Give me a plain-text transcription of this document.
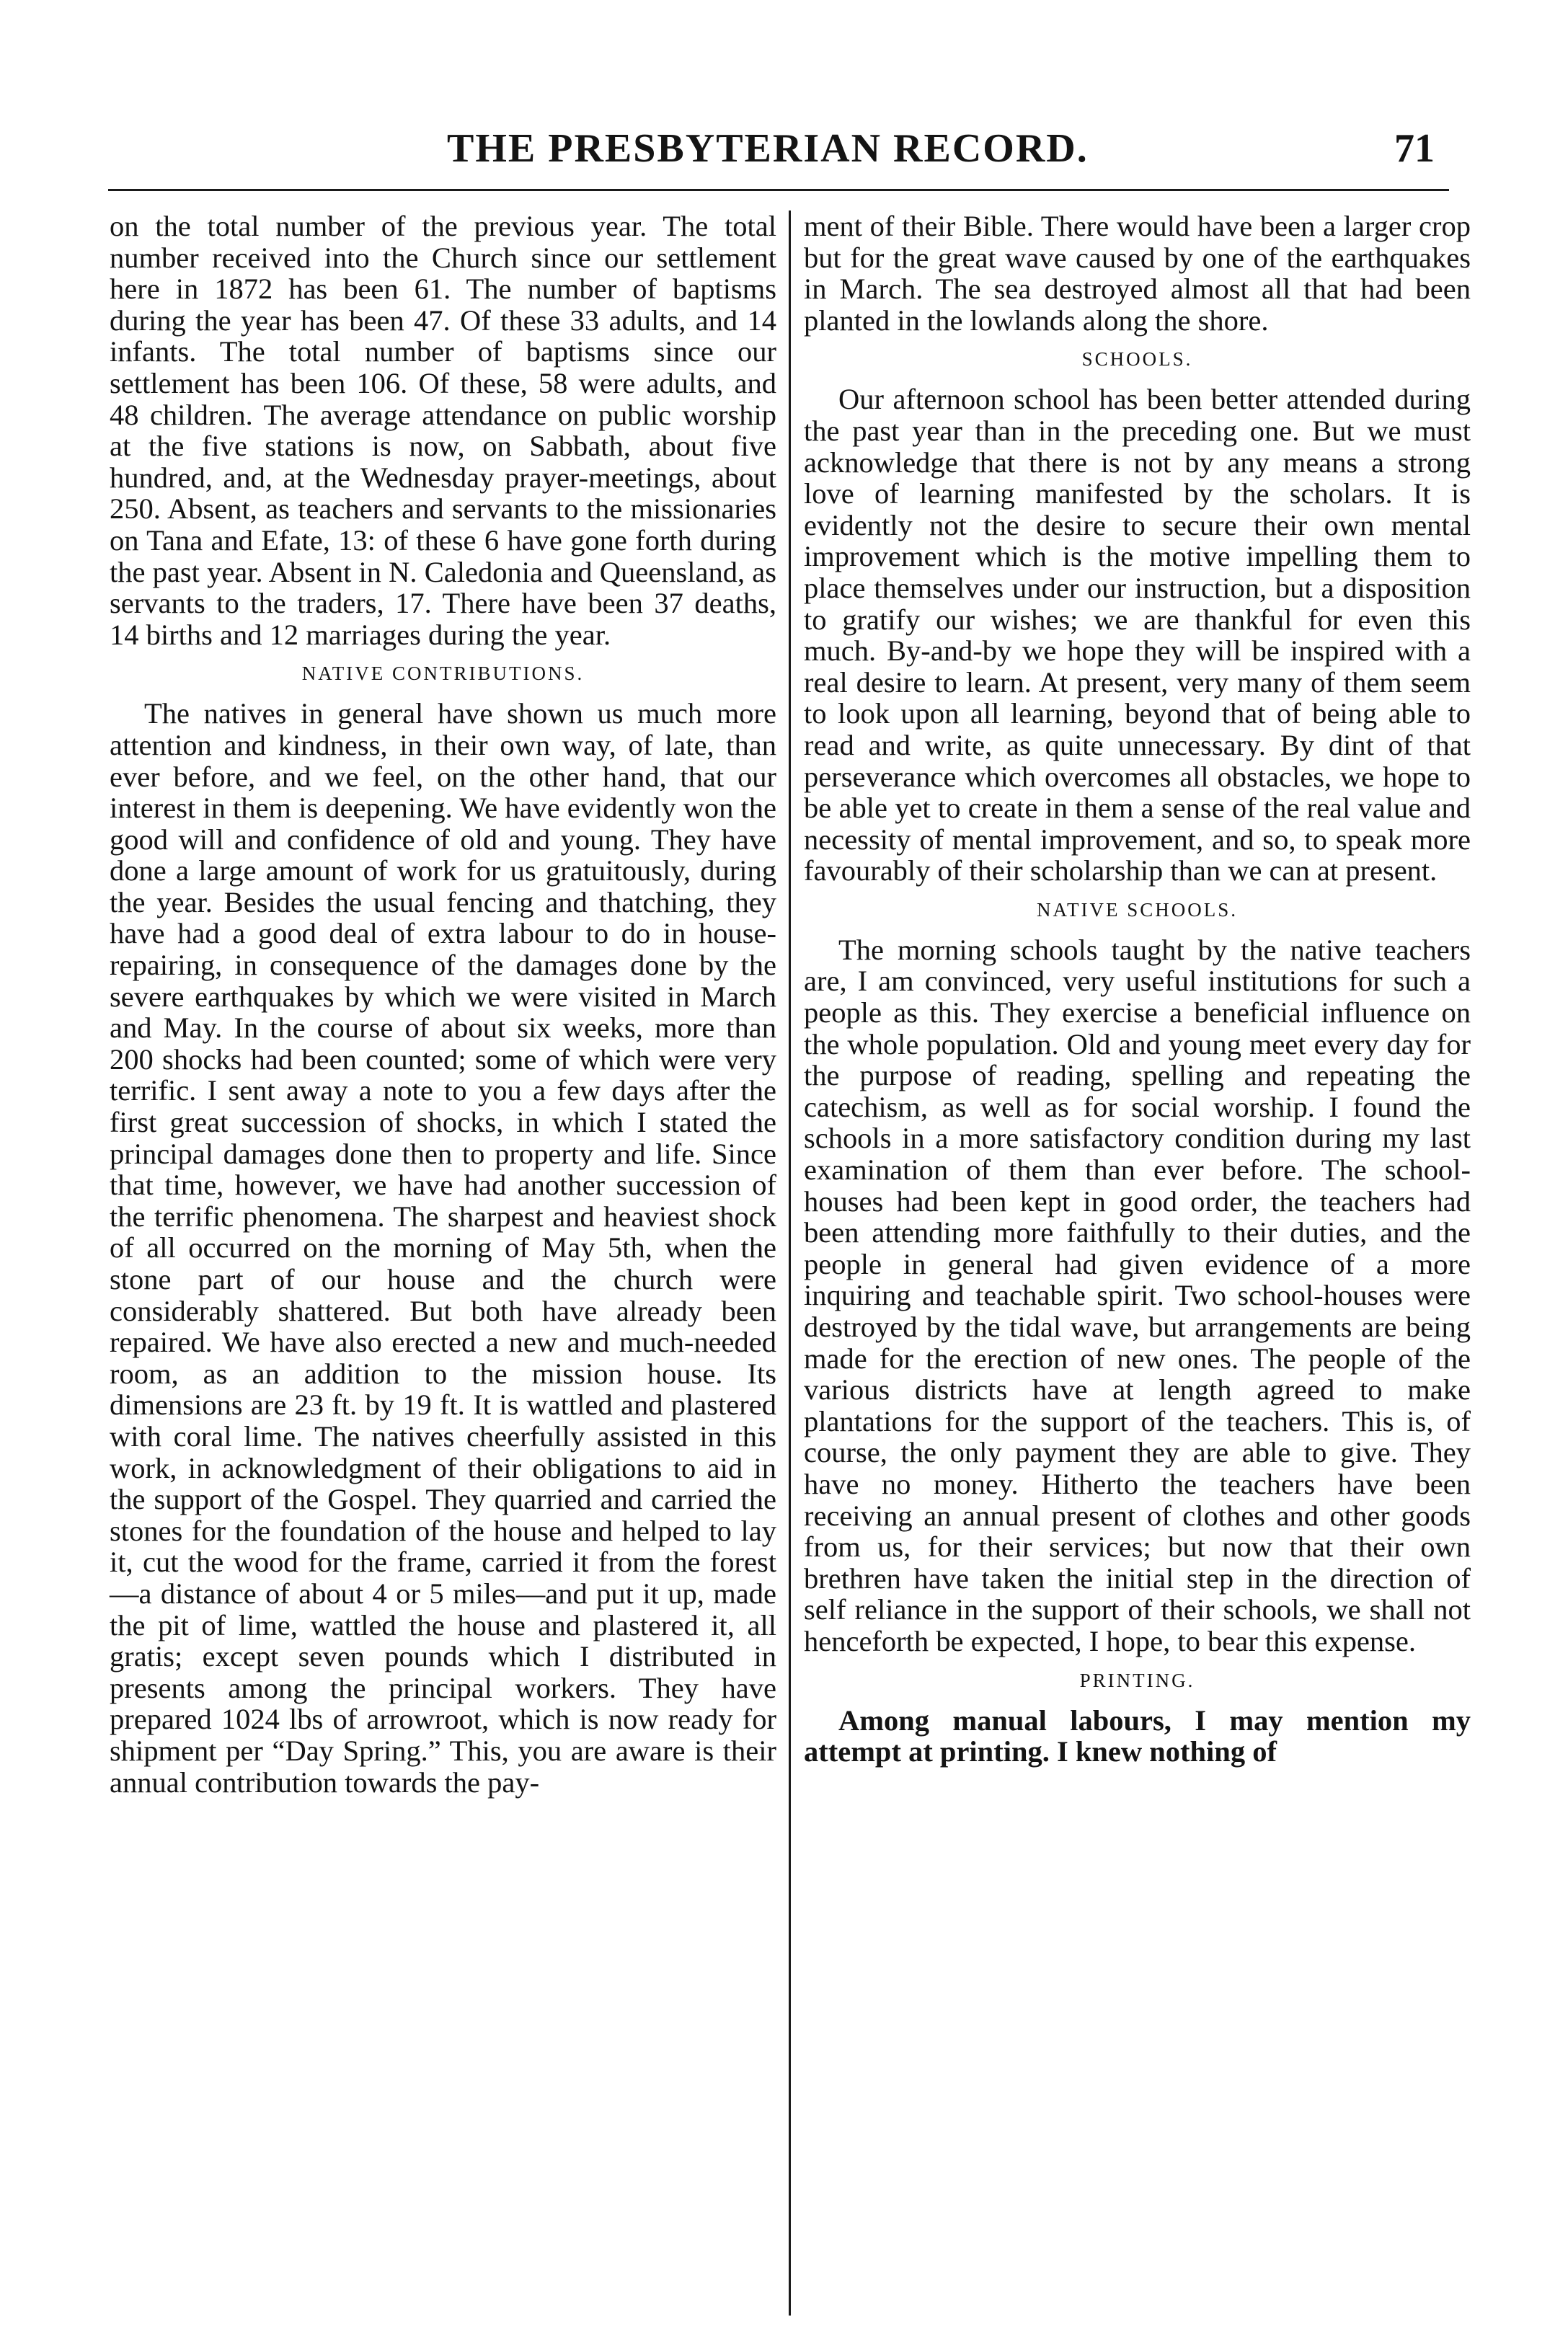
THE PRESBYTERIAN RECORD.	71

on the total number of the previous year. The total number received into the Church since our settlement here in 1872 has been 61. The number of baptisms during the year has been 47. Of these 33 adults, and 14 infants. The total number of baptisms since our settlement has been 106. Of these, 58 were adults, and 48 children. The average attendance on public worship at the five stations is now, on Sabbath, about five hundred, and, at the Wednesday prayer-meetings, about 250. Absent, as teachers and servants to the missionaries on Tana and Efate, 13: of these 6 have gone forth during the past year. Absent in N. Caledonia and Queensland, as servants to the traders, 17. There have been 37 deaths, 14 births and 12 marriages during the year.

NATIVE CONTRIBUTIONS.

The natives in general have shown us much more attention and kindness, in their own way, of late, than ever before, and we feel, on the other hand, that our interest in them is deepening. We have evidently won the good will and confidence of old and young. They have done a large amount of work for us gratuitously, during the year. Besides the usual fencing and thatching, they have had a good deal of extra labour to do in house-repairing, in consequence of the damages done by the severe earthquakes by which we were visited in March and May. In the course of about six weeks, more than 200 shocks had been counted; some of which were very terrific. I sent away a note to you a few days after the first great succession of shocks, in which I stated the principal damages done then to property and life. Since that time, however, we have had another succession of the terrific phenomena. The sharpest and heaviest shock of all occurred on the morning of May 5th, when the stone part of our house and the church were considerably shattered. But both have already been repaired. We have also erected a new and much-needed room, as an addition to the mission house. Its dimensions are 23 ft. by 19 ft. It is wattled and plastered with coral lime. The natives cheerfully assisted in this work, in acknowledgment of their obligations to aid in the support of the Gospel. They quarried and carried the stones for the foundation of the house and helped to lay it, cut the wood for the frame, carried it from the forest—a distance of about 4 or 5 miles—and put it up, made the pit of lime, wattled the house and plastered it, all gratis; except seven pounds which I distributed in presents among the principal workers. They have prepared 1024 lbs of arrowroot, which is now ready for shipment per “Day Spring.” This, you are aware is their annual contribution towards the pay-

ment of their Bible. There would have been a larger crop but for the great wave caused by one of the earthquakes in March. The sea destroyed almost all that had been planted in the lowlands along the shore.

SCHOOLS.

Our afternoon school has been better attended during the past year than in the preceding one. But we must acknowledge that there is not by any means a strong love of learning manifested by the scholars. It is evidently not the desire to secure their own mental improvement which is the motive impelling them to place themselves under our instruction, but a disposition to gratify our wishes; we are thankful for even this much. By-and-by we hope they will be inspired with a real desire to learn. At present, very many of them seem to look upon all learning, beyond that of being able to read and write, as quite unnecessary. By dint of that perseverance which overcomes all obstacles, we hope to be able yet to create in them a sense of the real value and necessity of mental improvement, and so, to speak more favourably of their scholarship than we can at present.

NATIVE SCHOOLS.

The morning schools taught by the native teachers are, I am convinced, very useful institutions for such a people as this. They exercise a beneficial influence on the whole population. Old and young meet every day for the purpose of reading, spelling and repeating the catechism, as well as for social worship. I found the schools in a more satisfactory condition during my last examination of them than ever before. The school-houses had been kept in good order, the teachers had been attending more faithfully to their duties, and the people in general had given evidence of a more inquiring and teachable spirit. Two school-houses were destroyed by the tidal wave, but arrangements are being made for the erection of new ones. The people of the various districts have at length agreed to make plantations for the support of the teachers. This is, of course, the only payment they are able to give. They have no money. Hitherto the teachers have been receiving an annual present of clothes and other goods from us, for their services; but now that their own brethren have taken the initial step in the direction of self reliance in the support of their schools, we shall not henceforth be expected, I hope, to bear this expense.

PRINTING.

Among manual labours, I may mention my attempt at printing. I knew nothing of
